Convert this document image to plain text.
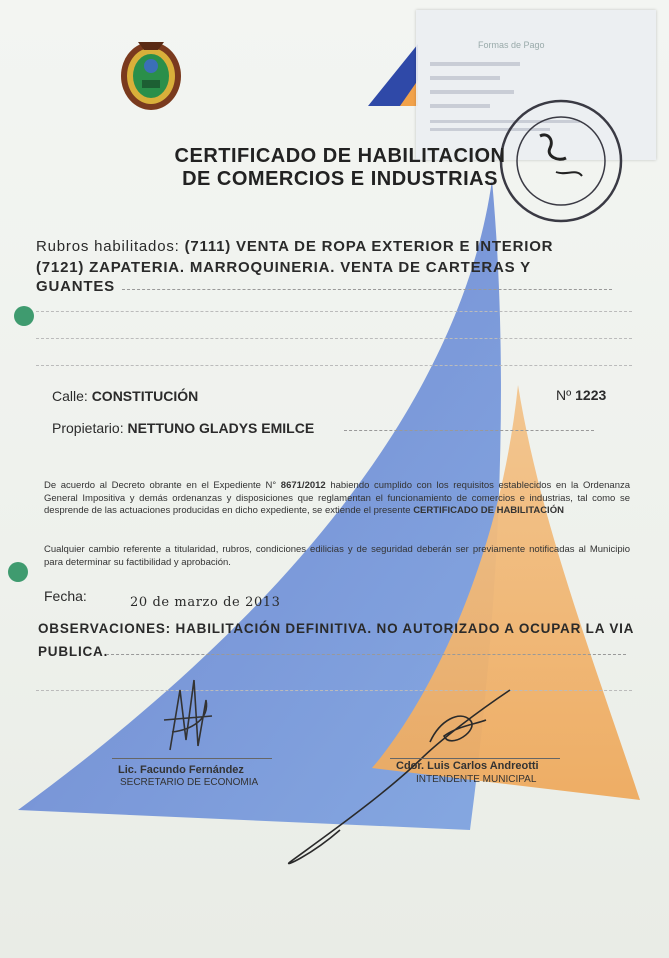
Formas de Pago
CERTIFICADO DE HABILITACION
DE COMERCIOS E INDUSTRIAS
Rubros habilitados: (7111) VENTA DE ROPA EXTERIOR E INTERIOR
(7121) ZAPATERIA. MARROQUINERIA. VENTA DE CARTERAS Y
GUANTES
Calle: CONSTITUCIÓN	Nº 1223
Propietario: NETTUNO GLADYS EMILCE
De acuerdo al Decreto obrante en el Expediente N° 8671/2012 habiendo cumplido con los requisitos establecidos en la Ordenanza General Impositiva y demás ordenanzas y disposiciones que reglamentan el funcionamiento de comercios e industrias, tal como se desprende de las actuaciones producidas en dicho expediente, se extiende el presente CERTIFICADO DE HABILITACIÓN
Cualquier cambio referente a titularidad, rubros, condiciones edilicias y de seguridad deberán ser previamente notificadas al Municipio para determinar su factibilidad y aprobación.
Fecha:	20 de marzo de 2013
OBSERVACIONES: HABILITACIÓN DEFINITIVA. NO AUTORIZADO A OCUPAR LA VIA
PUBLICA.
Lic. Facundo Fernández
SECRETARIO DE ECONOMIA
Cdor. Luis Carlos Andreotti
INTENDENTE MUNICIPAL
